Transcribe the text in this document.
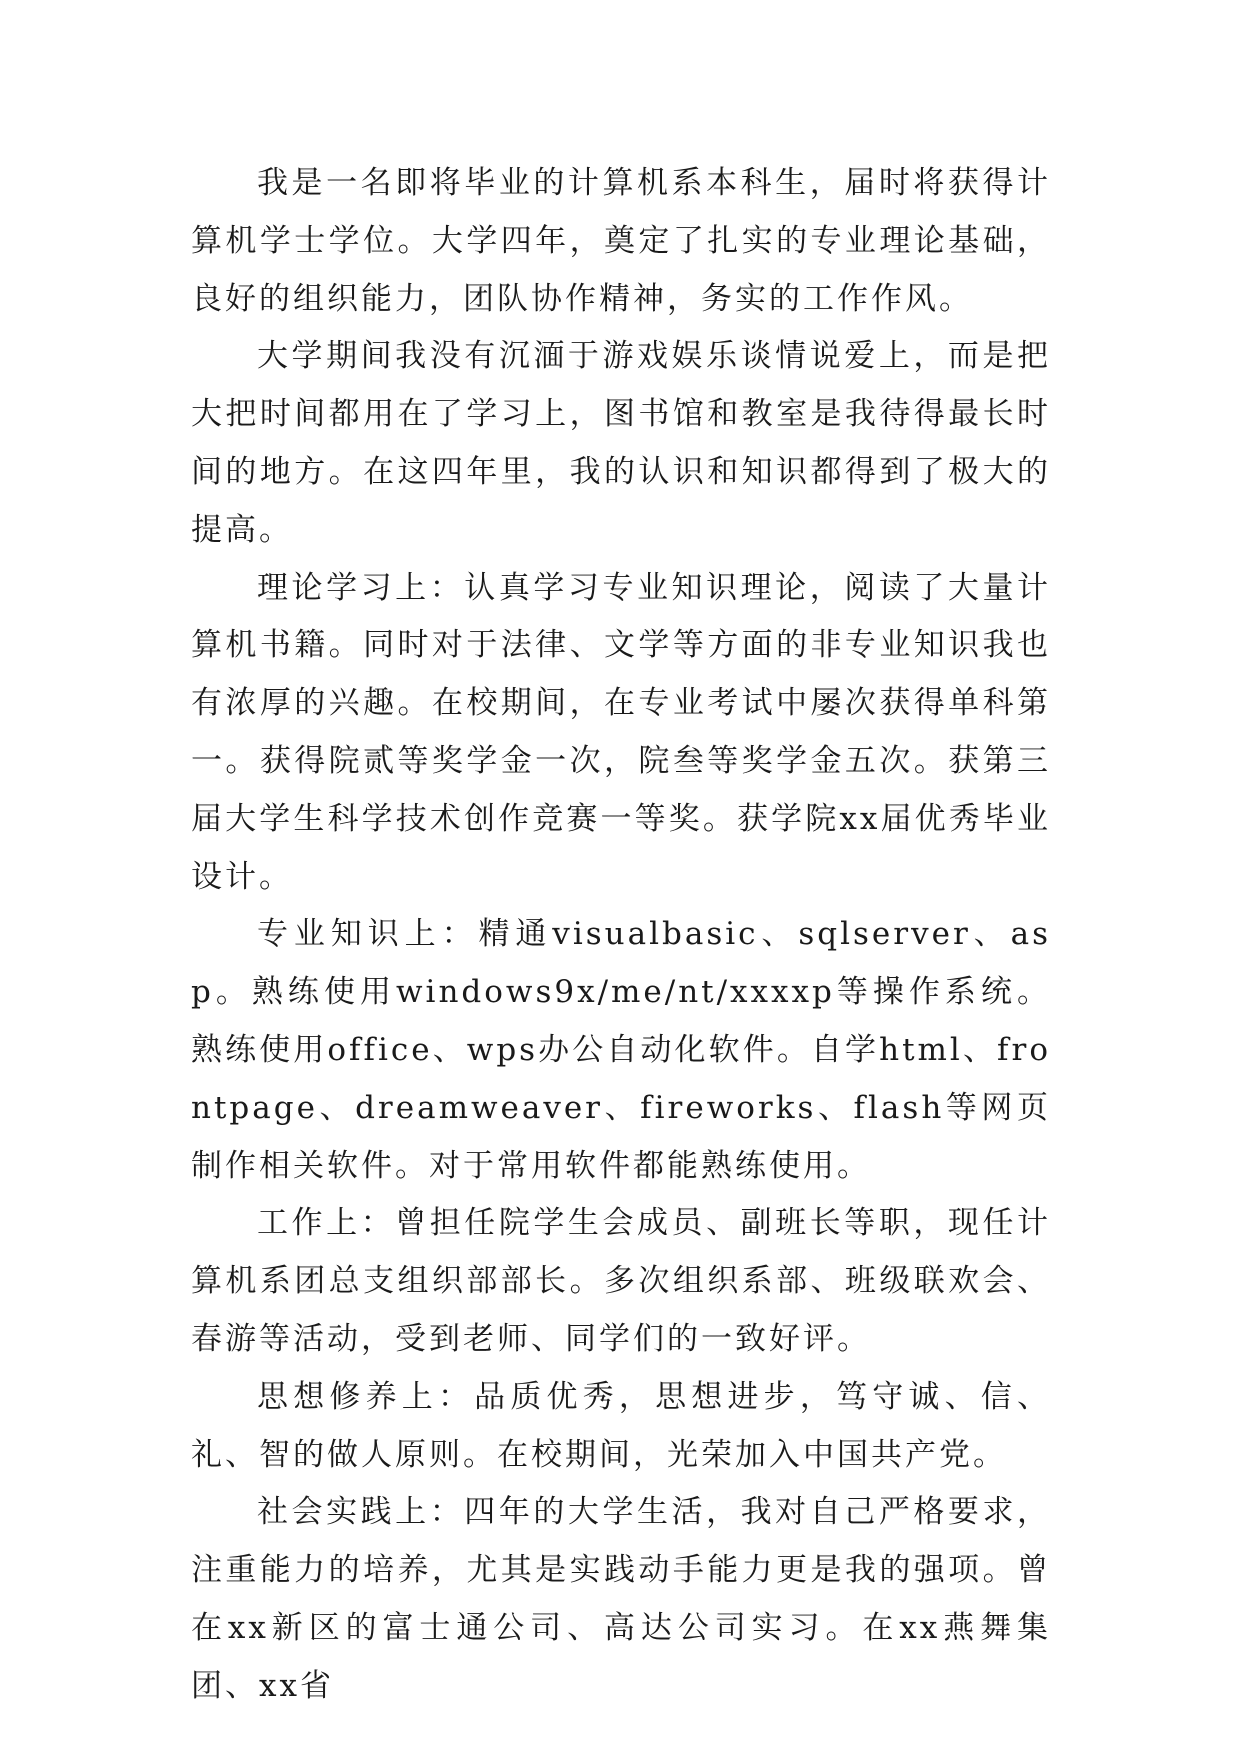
我是一名即将毕业的计算机系本科生，届时将获得计算机学士学位。大学四年，奠定了扎实的专业理论基础，良好的组织能力，团队协作精神，务实的工作作风。

大学期间我没有沉湎于游戏娱乐谈情说爱上，而是把大把时间都用在了学习上，图书馆和教室是我待得最长时间的地方。在这四年里，我的认识和知识都得到了极大的提高。

理论学习上：认真学习专业知识理论，阅读了大量计算机书籍。同时对于法律、文学等方面的非专业知识我也有浓厚的兴趣。在校期间，在专业考试中屡次获得单科第一。获得院贰等奖学金一次，院叁等奖学金五次。获第三届大学生科学技术创作竞赛一等奖。获学院xx届优秀毕业设计。

专业知识上：精通visualbasic、sqlserver、asp。熟练使用windows9x/me/nt/xxxxp等操作系统。熟练使用office、wps办公自动化软件。自学html、frontpage、dreamweaver、fireworks、flash等网页制作相关软件。对于常用软件都能熟练使用。

工作上：曾担任院学生会成员、副班长等职，现任计算机系团总支组织部部长。多次组织系部、班级联欢会、春游等活动，受到老师、同学们的一致好评。

思想修养上：品质优秀，思想进步，笃守诚、信、礼、智的做人原则。在校期间，光荣加入中国共产党。

社会实践上：四年的大学生活，我对自己严格要求，注重能力的培养，尤其是实践动手能力更是我的强项。曾在xx新区的富士通公司、高达公司实习。在xx燕舞集团、xx省
